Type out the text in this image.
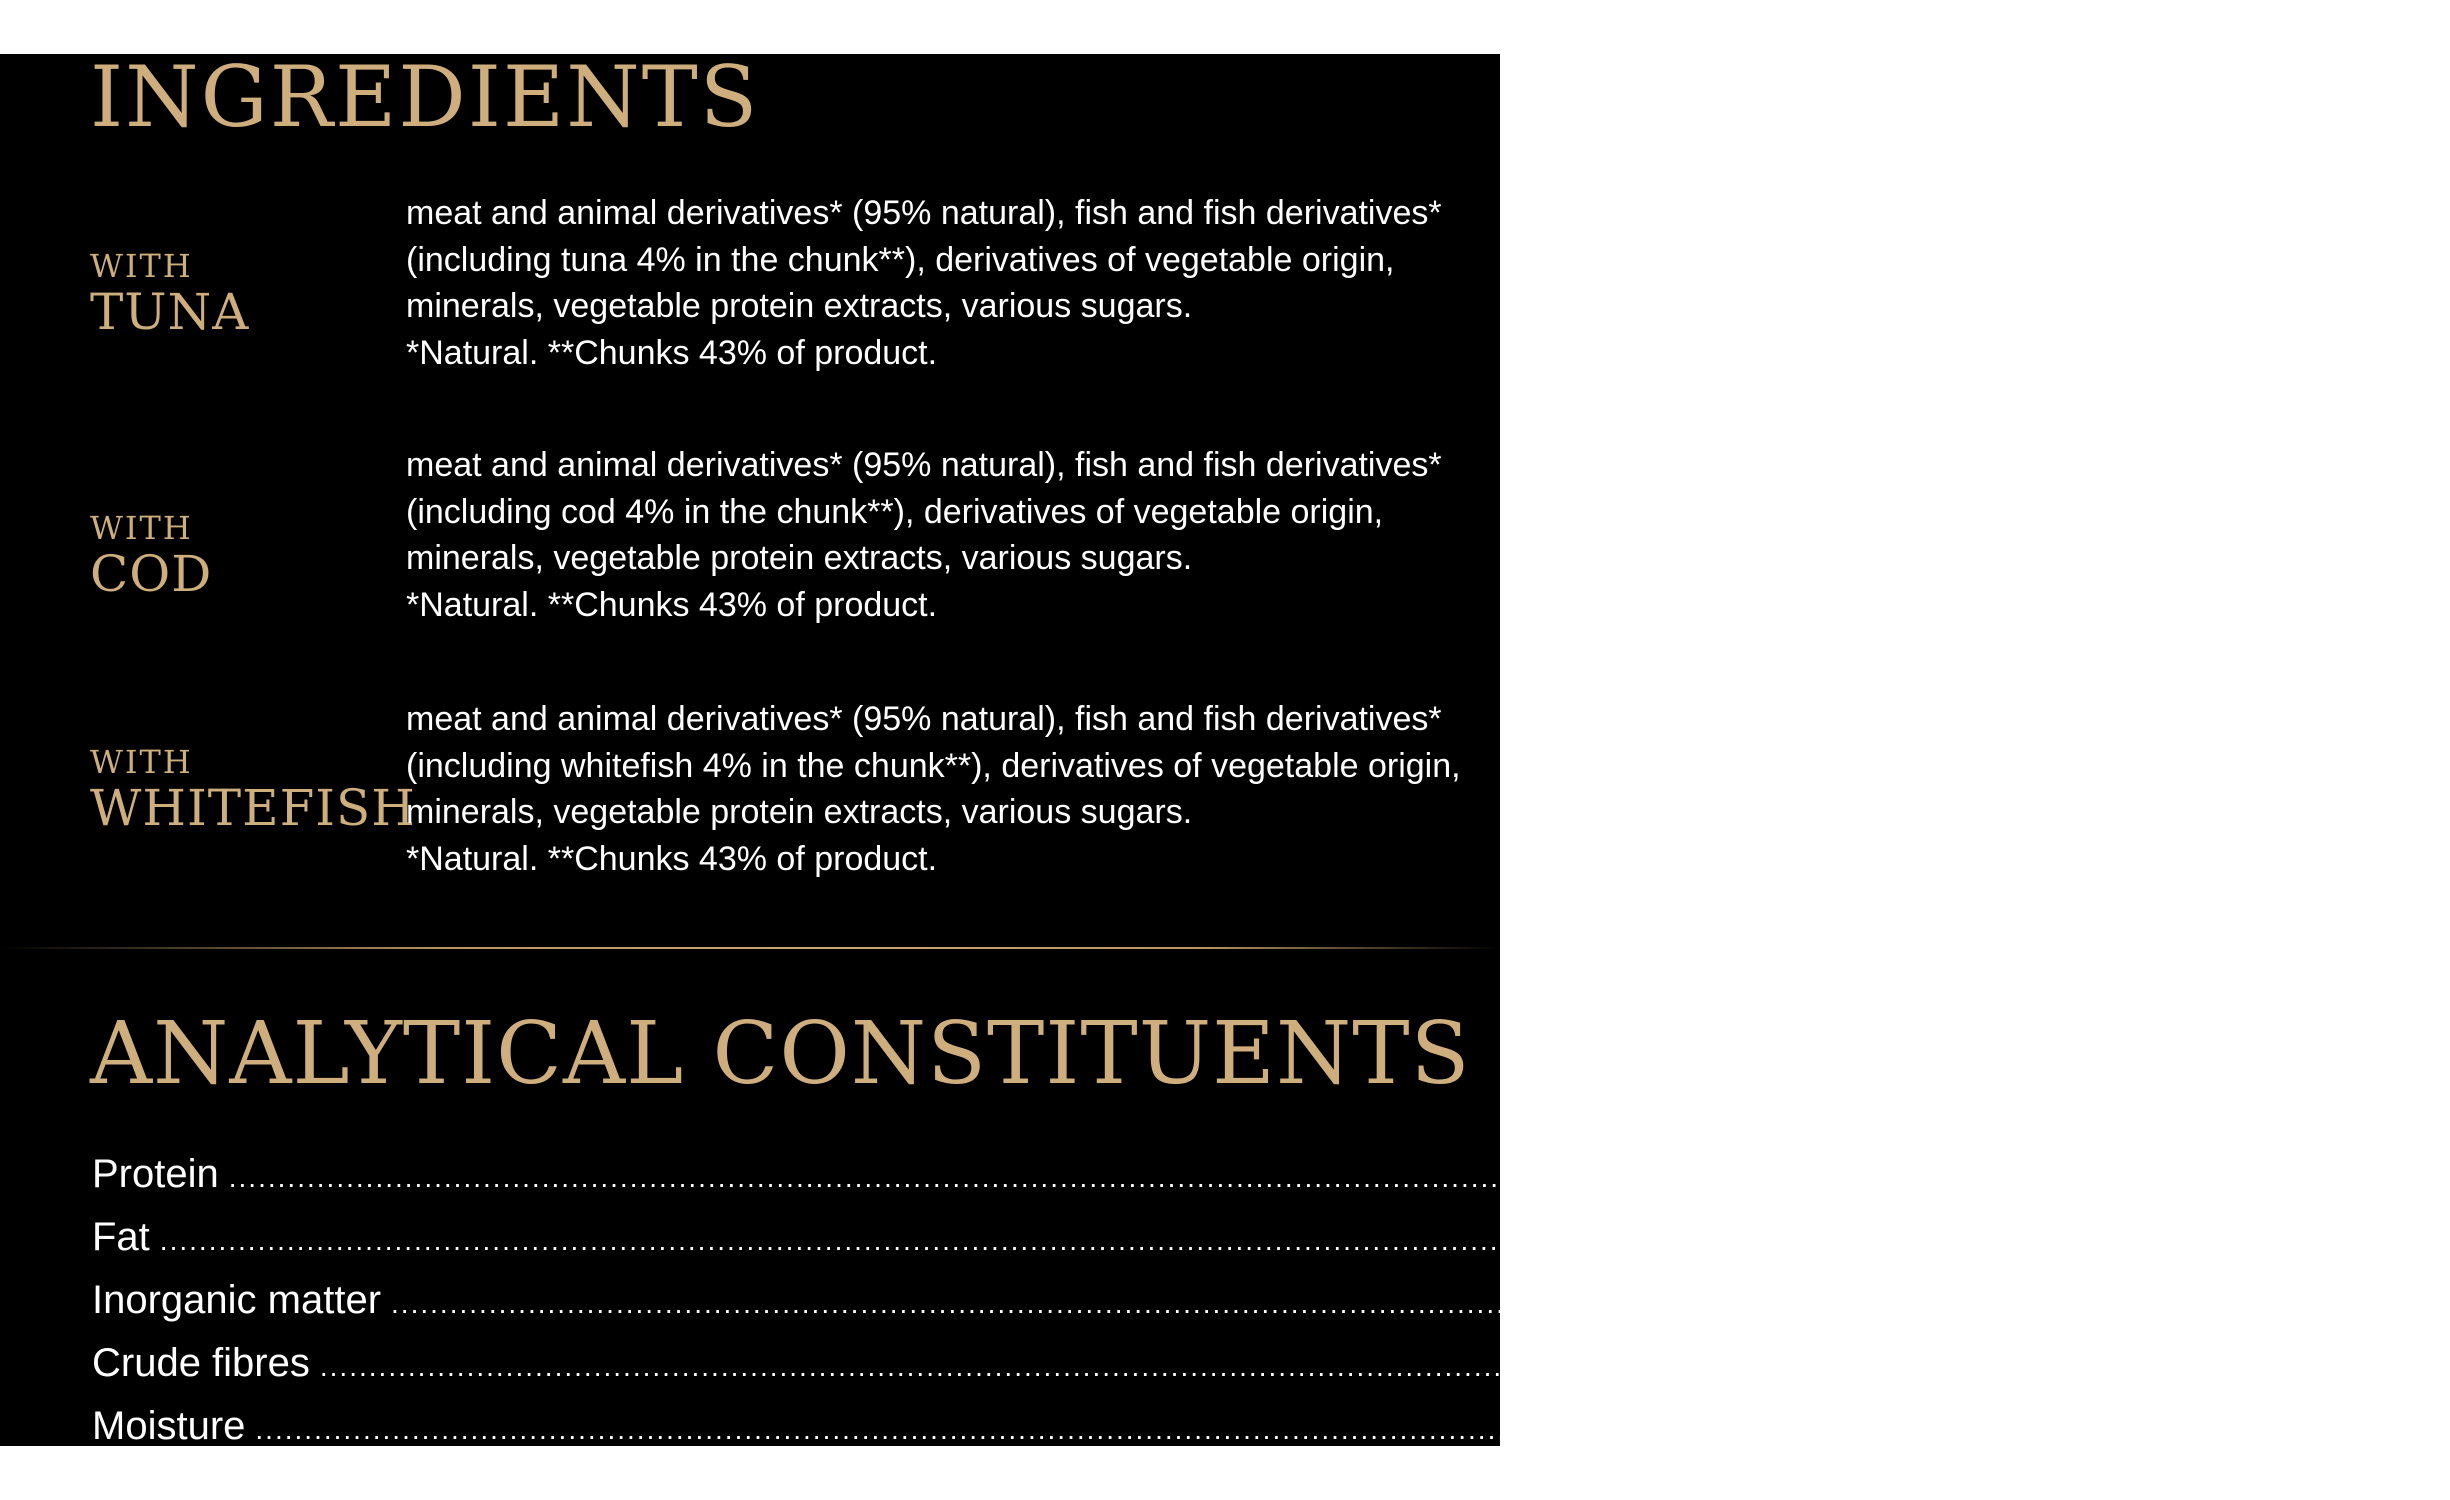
INGREDIENTS
WITH
TUNA

meat and animal derivatives* (95% natural), fish and fish derivatives* (including tuna 4% in the chunk**), derivatives of vegetable origin, minerals, vegetable protein extracts, various sugars.

*Natural. **Chunks 43% of product.

WITH
COD

meat and animal derivatives* (95% natural), fish and fish derivatives* (including cod 4% in the chunk**), derivatives of vegetable origin, minerals, vegetable protein extracts, various sugars.

*Natural. **Chunks 43% of product.

WITH
WHITEFISH

meat and animal derivatives* (95% natural), fish and fish derivatives* (including whitefish 4% in the chunk**), derivatives of vegetable origin, minerals, vegetable protein extracts, various sugars.

*Natural. **Chunks 43% of product.

ANALYTICAL CONSTITUENTS
Protein ........................................................................................................................................................................................................ 7.9%
Fat ........................................................................................................................................................................................................ 4.4%
Inorganic matter ........................................................................................................................................................................................................ 1.4%
Crude fibres ........................................................................................................................................................................................................ 0.30%
Moisture ........................................................................................................................................................................................................ 84.0%
